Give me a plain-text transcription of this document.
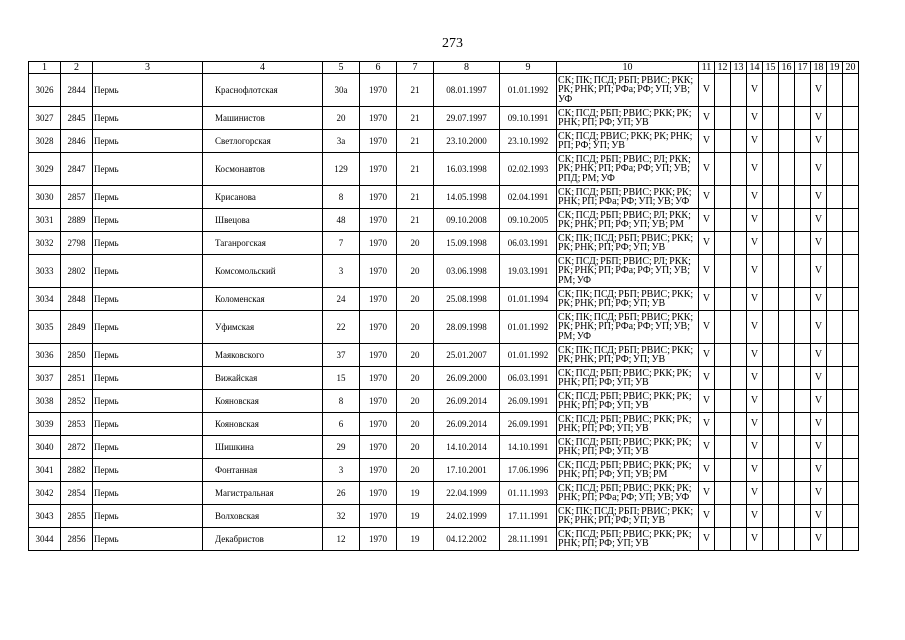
273
1	2	3	4	5	6	7	8	9	10	11	12	13	14	15	16	17	18	19	20
3026	2844	Пермь	Краснофлотская	30а	1970	21	08.01.1997	01.01.1992	СК; ПК; ПСД; РБП; РВИС; РКК; РК; РНК; РП; РФа; РФ; УП; УВ; УФ	V			V				V		
3027	2845	Пермь	Машинистов	20	1970	21	29.07.1997	09.10.1991	СК; ПСД; РБП; РВИС; РКК; РК; РНК; РП; РФ; УП; УВ	V			V				V		
3028	2846	Пермь	Светлогорская	3а	1970	21	23.10.2000	23.10.1992	СК; ПСД; РВИС; РКК; РК; РНК; РП; РФ; УП; УВ	V			V				V		
3029	2847	Пермь	Космонавтов	129	1970	21	16.03.1998	02.02.1993	СК; ПСД; РБП; РВИС; РЛ; РКК; РК; РНК; РП; РФа; РФ; УП; УВ; РПД; РМ; УФ	V			V				V		
3030	2857	Пермь	Крисанова	8	1970	21	14.05.1998	02.04.1991	СК; ПСД; РБП; РВИС; РКК; РК; РНК; РП; РФа; РФ; УП; УВ; УФ	V			V				V		
3031	2889	Пермь	Швецова	48	1970	21	09.10.2008	09.10.2005	СК; ПСД; РБП; РВИС; РЛ; РКК; РК; РНК; РП; РФ; УП; УВ; РМ	V			V				V		
3032	2798	Пермь	Таганрогская	7	1970	20	15.09.1998	06.03.1991	СК; ПК; ПСД; РБП; РВИС; РКК; РК; РНК; РП; РФ; УП; УВ	V			V				V		
3033	2802	Пермь	Комсомольский	3	1970	20	03.06.1998	19.03.1991	СК; ПСД; РБП; РВИС; РЛ; РКК; РК; РНК; РП; РФа; РФ; УП; УВ; РМ; УФ	V			V				V		
3034	2848	Пермь	Коломенская	24	1970	20	25.08.1998	01.01.1994	СК; ПК; ПСД; РБП; РВИС; РКК; РК; РНК; РП; РФ; УП; УВ	V			V				V		
3035	2849	Пермь	Уфимская	22	1970	20	28.09.1998	01.01.1992	СК; ПК; ПСД; РБП; РВИС; РКК; РК; РНК; РП; РФа; РФ; УП; УВ; РМ; УФ	V			V				V		
3036	2850	Пермь	Маяковского	37	1970	20	25.01.2007	01.01.1992	СК; ПК; ПСД; РБП; РВИС; РКК; РК; РНК; РП; РФ; УП; УВ	V			V				V		
3037	2851	Пермь	Вижайская	15	1970	20	26.09.2000	06.03.1991	СК; ПСД; РБП; РВИС; РКК; РК; РНК; РП; РФ; УП; УВ	V			V				V		
3038	2852	Пермь	Кояновская	8	1970	20	26.09.2014	26.09.1991	СК; ПСД; РБП; РВИС; РКК; РК; РНК; РП; РФ; УП; УВ	V			V				V		
3039	2853	Пермь	Кояновская	6	1970	20	26.09.2014	26.09.1991	СК; ПСД; РБП; РВИС; РКК; РК; РНК; РП; РФ; УП; УВ	V			V				V		
3040	2872	Пермь	Шишкина	29	1970	20	14.10.2014	14.10.1991	СК; ПСД; РБП; РВИС; РКК; РК; РНК; РП; РФ; УП; УВ	V			V				V		
3041	2882	Пермь	Фонтанная	3	1970	20	17.10.2001	17.06.1996	СК; ПСД; РБП; РВИС; РКК; РК; РНК; РП; РФ; УП; УВ; РМ	V			V				V		
3042	2854	Пермь	Магистральная	26	1970	19	22.04.1999	01.11.1993	СК; ПСД; РБП; РВИС; РКК; РК; РНК; РП; РФа; РФ; УП; УВ; УФ	V			V				V		
3043	2855	Пермь	Волховская	32	1970	19	24.02.1999	17.11.1991	СК; ПК; ПСД; РБП; РВИС; РКК; РК; РНК; РП; РФ; УП; УВ	V			V				V		
3044	2856	Пермь	Декабристов	12	1970	19	04.12.2002	28.11.1991	СК; ПСД; РБП; РВИС; РКК; РК; РНК; РП; РФ; УП; УВ	V			V				V		
